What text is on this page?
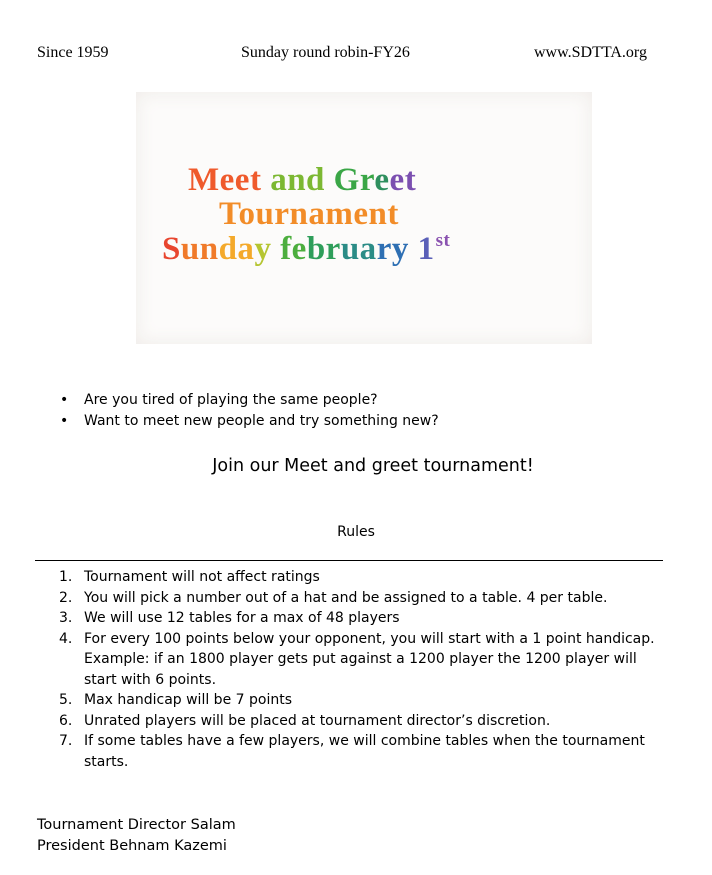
Since 1959	Sunday round robin-FY26	www.SDTTA.org
Meet and Greet
Tournament
Sunday february 1st
• Are you tired of playing the same people?
• Want to meet new people and try something new?
Join our Meet and greet tournament!
Rules
1. Tournament will not affect ratings
2. You will pick a number out of a hat and be assigned to a table. 4 per table.
3. We will use 12 tables for a max of 48 players
4. For every 100 points below your opponent, you will start with a 1 point handicap. Example: if an 1800 player gets put against a 1200 player the 1200 player will start with 6 points.
5. Max handicap will be 7 points
6. Unrated players will be placed at tournament director’s discretion.
7. If some tables have a few players, we will combine tables when the tournament starts.
Tournament Director Salam
President Behnam Kazemi
